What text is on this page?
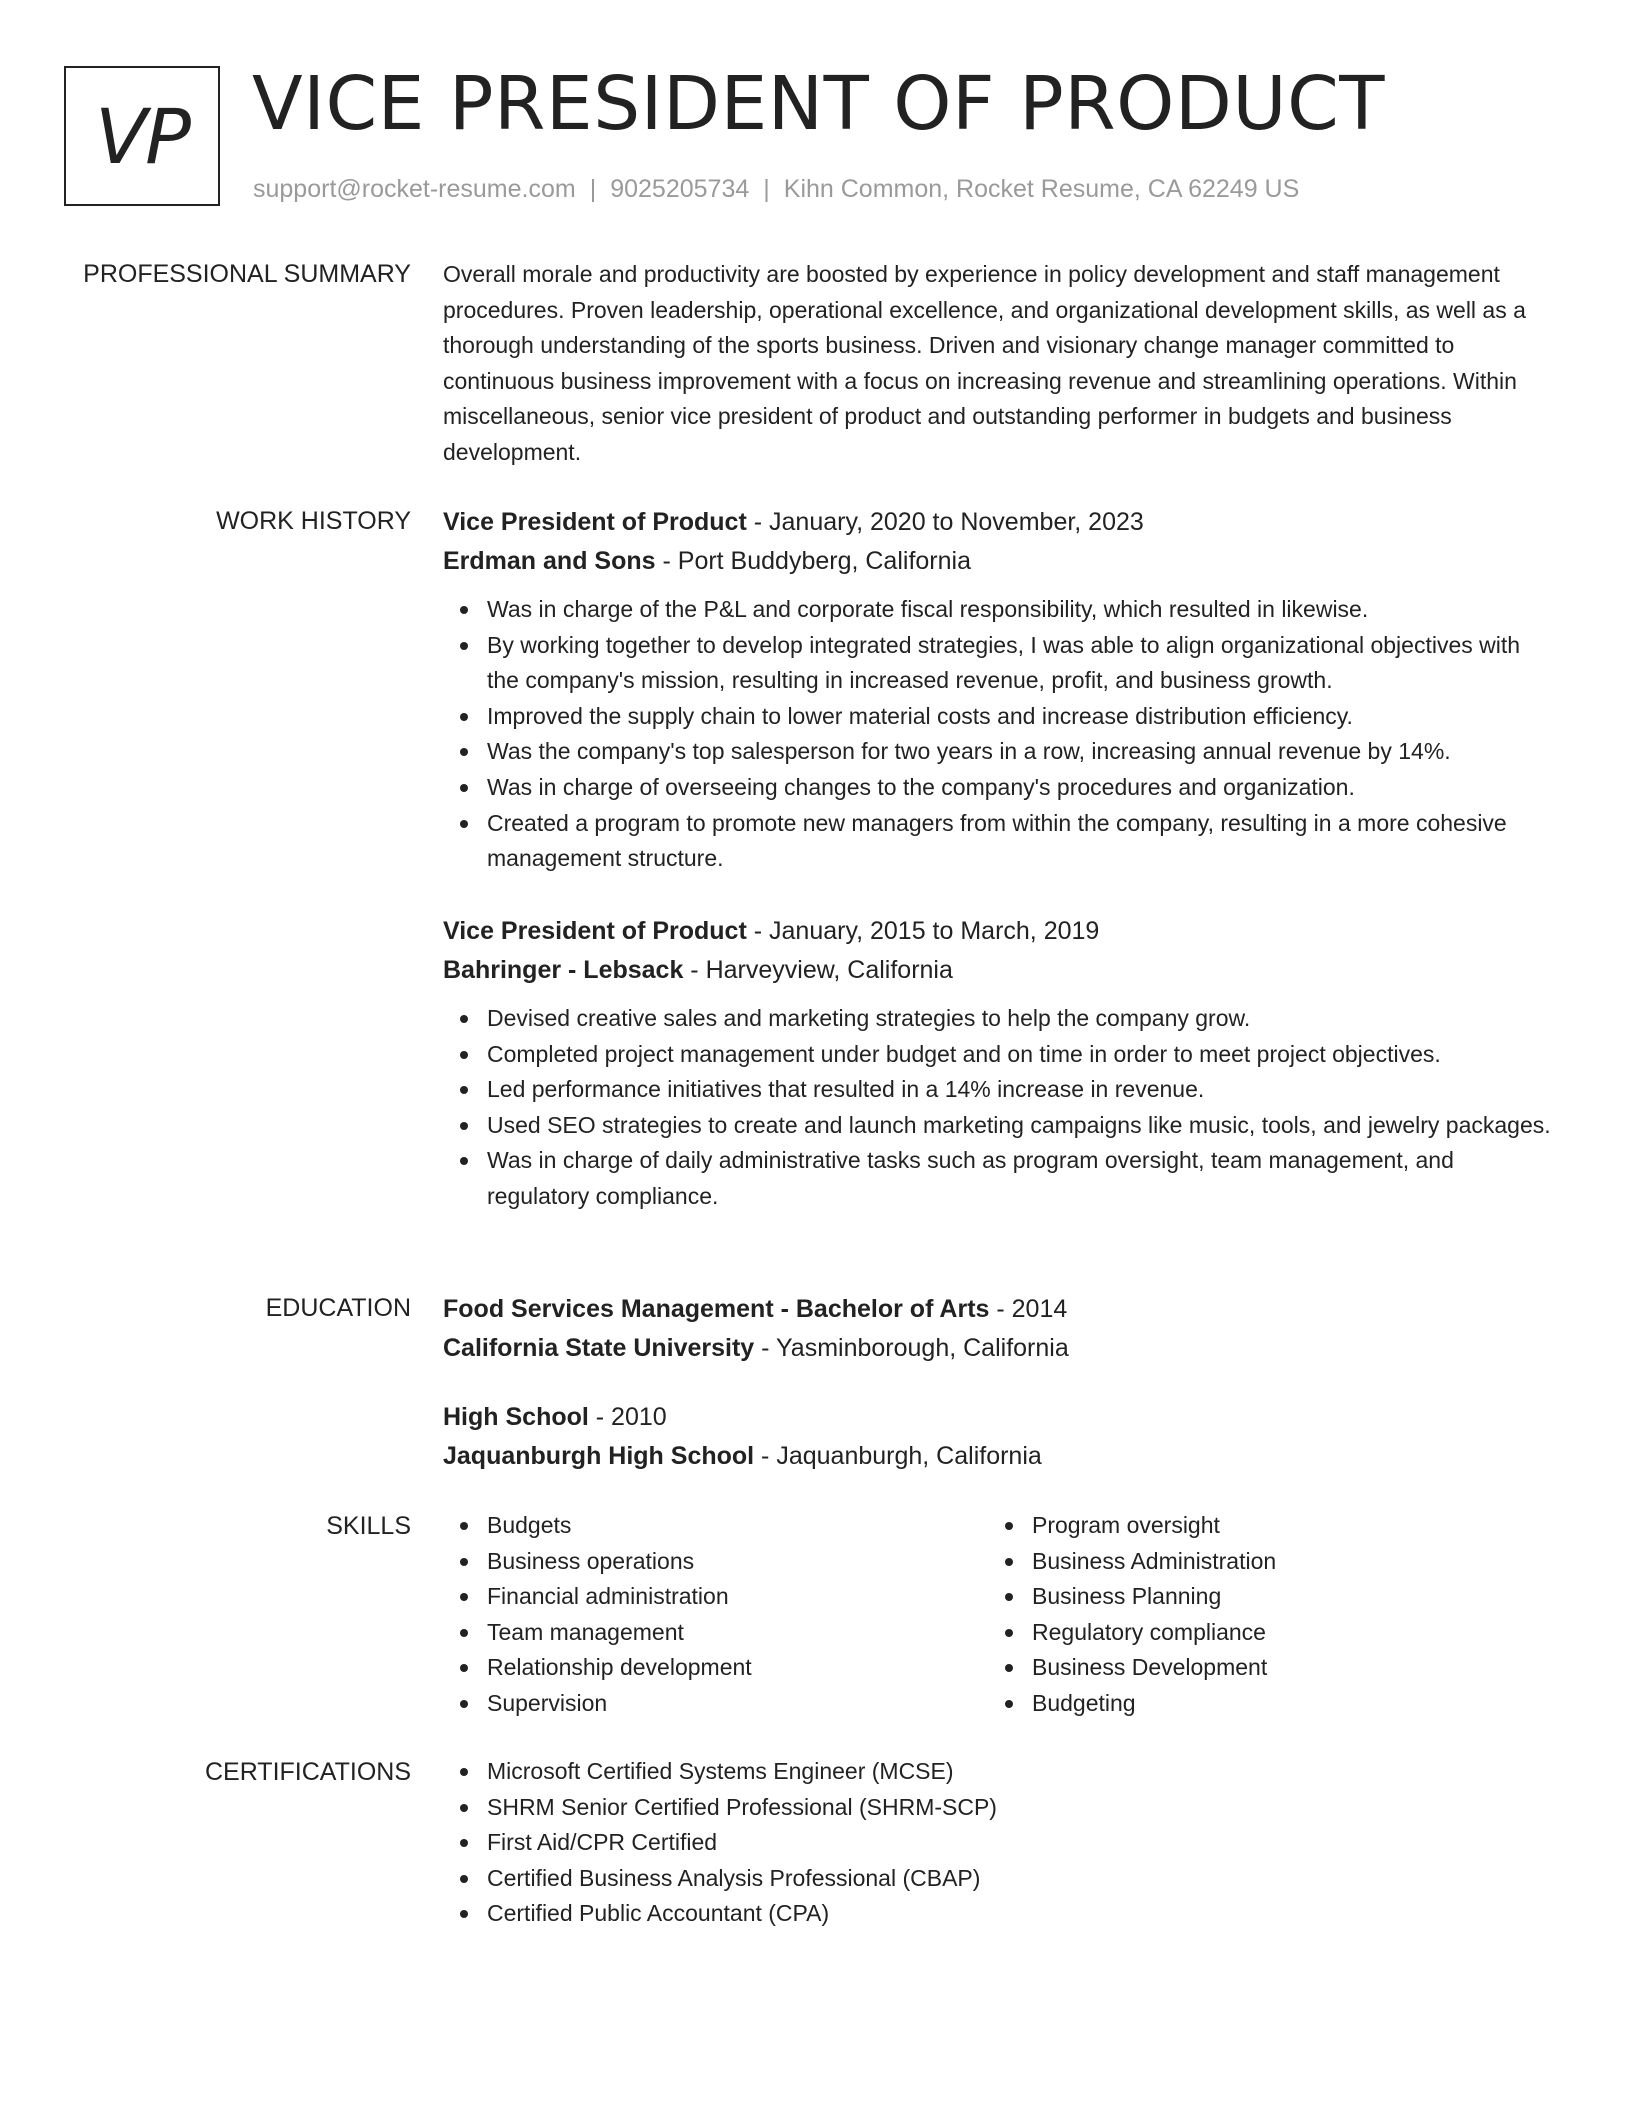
VP VICE PRESIDENT OF PRODUCT
support@rocket-resume.com | 9025205734 | Kihn Common, Rocket Resume, CA 62249 US
PROFESSIONAL SUMMARY Overall morale and productivity are boosted by experience in policy development and staff management procedures. Proven leadership, operational excellence, and organizational development skills, as well as a thorough understanding of the sports business. Driven and visionary change manager committed to continuous business improvement with a focus on increasing revenue and streamlining operations. Within miscellaneous, senior vice president of product and outstanding performer in budgets and business development.

WORK HISTORY Vice President of Product - January, 2020 to November, 2023
Erdman and Sons - Port Buddyberg, California
Was in charge of the P&L and corporate fiscal responsibility, which resulted in likewise.
By working together to develop integrated strategies, I was able to align organizational objectives with the company's mission, resulting in increased revenue, profit, and business growth.
Improved the supply chain to lower material costs and increase distribution efficiency.
Was the company's top salesperson for two years in a row, increasing annual revenue by 14%.
Was in charge of overseeing changes to the company's procedures and organization.
Created a program to promote new managers from within the company, resulting in a more cohesive management structure.
Vice President of Product - January, 2015 to March, 2019
Bahringer - Lebsack - Harveyview, California
Devised creative sales and marketing strategies to help the company grow.
Completed project management under budget and on time in order to meet project objectives.
Led performance initiatives that resulted in a 14% increase in revenue.
Used SEO strategies to create and launch marketing campaigns like music, tools, and jewelry packages.
Was in charge of daily administrative tasks such as program oversight, team management, and regulatory compliance.
EDUCATION Food Services Management - Bachelor of Arts - 2014
California State University - Yasminborough, California
High School - 2010
Jaquanburgh High School - Jaquanburgh, California
SKILLS	Budgets
Business operations
Financial administration
Team management
Relationship development
Supervision
Program oversight
Business Administration
Business Planning
Regulatory compliance
Business Development
Budgeting
CERTIFICATIONS	Microsoft Certified Systems Engineer (MCSE)
SHRM Senior Certified Professional (SHRM-SCP)
First Aid/CPR Certified
Certified Business Analysis Professional (CBAP)
Certified Public Accountant (CPA)
